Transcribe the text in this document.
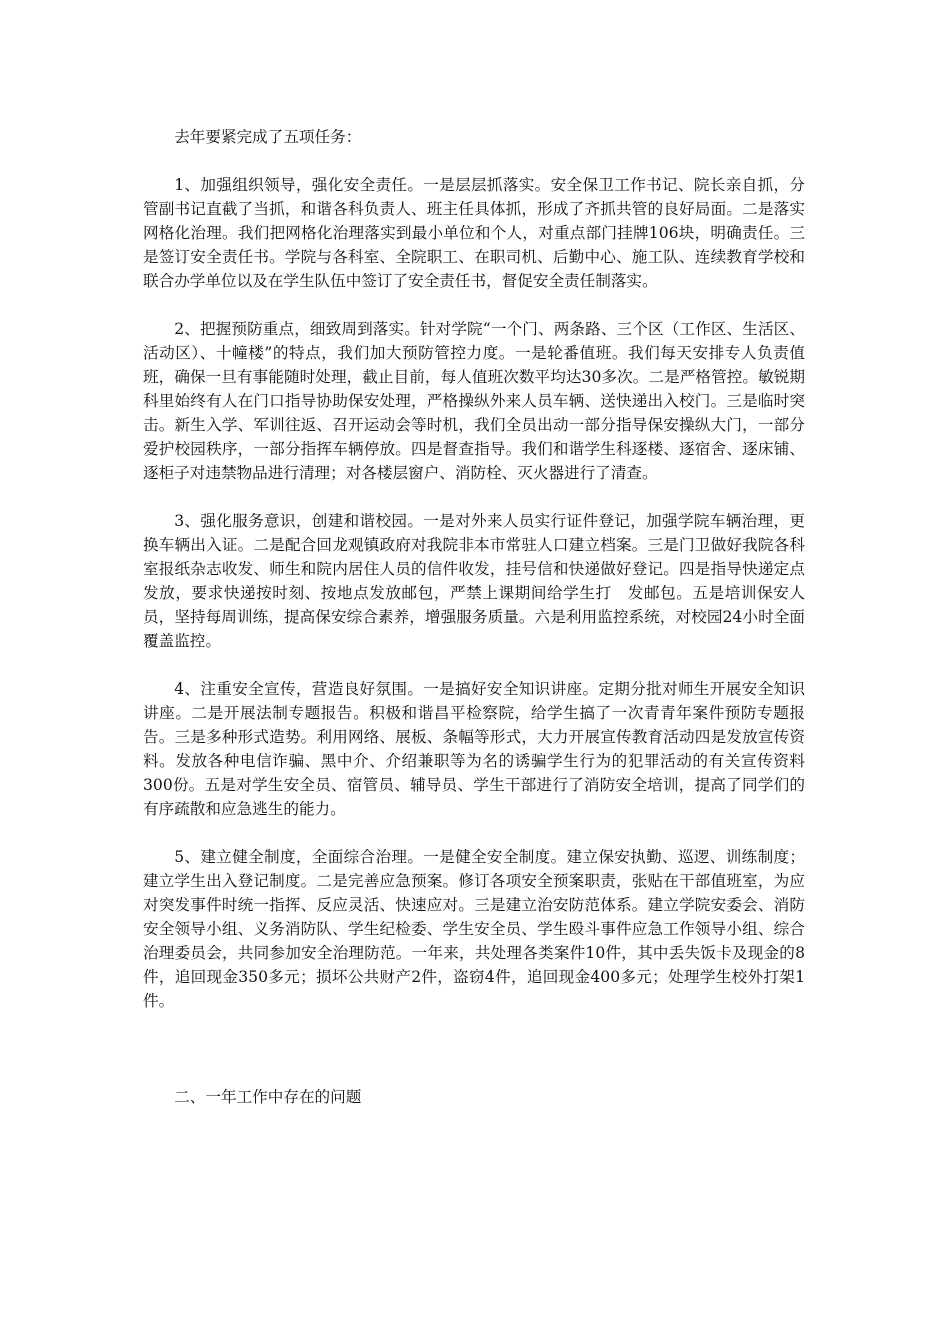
去年要紧完成了五项任务：

1、加强组织领导，强化安全责任。一是层层抓落实。安全保卫工作书记、院长亲自抓，分管副书记直截了当抓，和谐各科负责人、班主任具体抓，形成了齐抓共管的良好局面。二是落实网格化治理。我们把网格化治理落实到最小单位和个人，对重点部门挂牌106块，明确责任。三是签订安全责任书。学院与各科室、全院职工、在职司机、后勤中心、施工队、连续教育学校和联合办学单位以及在学生队伍中签订了安全责任书，督促安全责任制落实。

2、把握预防重点，细致周到落实。针对学院“一个门、两条路、三个区（工作区、生活区、活动区）、十幢楼”的特点，我们加大预防管控力度。一是轮番值班。我们每天安排专人负责值班，确保一旦有事能随时处理，截止目前，每人值班次数平均达30多次。二是严格管控。敏锐期科里始终有人在门口指导协助保安处理，严格操纵外来人员车辆、送快递出入校门。三是临时突击。新生入学、军训往返、召开运动会等时机，我们全员出动一部分指导保安操纵大门，一部分爱护校园秩序，一部分指挥车辆停放。四是督查指导。我们和谐学生科逐楼、逐宿舍、逐床铺、逐柜子对违禁物品进行清理；对各楼层窗户、消防栓、灭火器进行了清查。

3、强化服务意识，创建和谐校园。一是对外来人员实行证件登记，加强学院车辆治理，更换车辆出入证。二是配合回龙观镇政府对我院非本市常驻人口建立档案。三是门卫做好我院各科室报纸杂志收发、师生和院内居住人员的信件收发，挂号信和快递做好登记。四是指导快递定点发放，要求快递按时刻、按地点发放邮包，严禁上课期间给学生打　发邮包。五是培训保安人员，坚持每周训练，提高保安综合素养，增强服务质量。六是利用监控系统，对校园24小时全面覆盖监控。

4、注重安全宣传，营造良好氛围。一是搞好安全知识讲座。定期分批对师生开展安全知识讲座。二是开展法制专题报告。积极和谐昌平检察院，给学生搞了一次青青年案件预防专题报告。三是多种形式造势。利用网络、展板、条幅等形式，大力开展宣传教育活动四是发放宣传资料。发放各种电信诈骗、黑中介、介绍兼职等为名的诱骗学生行为的犯罪活动的有关宣传资料300份。五是对学生安全员、宿管员、辅导员、学生干部进行了消防安全培训，提高了同学们的有序疏散和应急逃生的能力。

5、建立健全制度，全面综合治理。一是健全安全制度。建立保安执勤、巡逻、训练制度；建立学生出入登记制度。二是完善应急预案。修订各项安全预案职责，张贴在干部值班室，为应对突发事件时统一指挥、反应灵活、快速应对。三是建立治安防范体系。建立学院安委会、消防安全领导小组、义务消防队、学生纪检委、学生安全员、学生殴斗事件应急工作领导小组、综合治理委员会，共同参加安全治理防范。一年来，共处理各类案件10件，其中丢失饭卡及现金的8件，追回现金350多元；损坏公共财产2件，盗窃4件，追回现金400多元；处理学生校外打架1件。

二、一年工作中存在的问题
